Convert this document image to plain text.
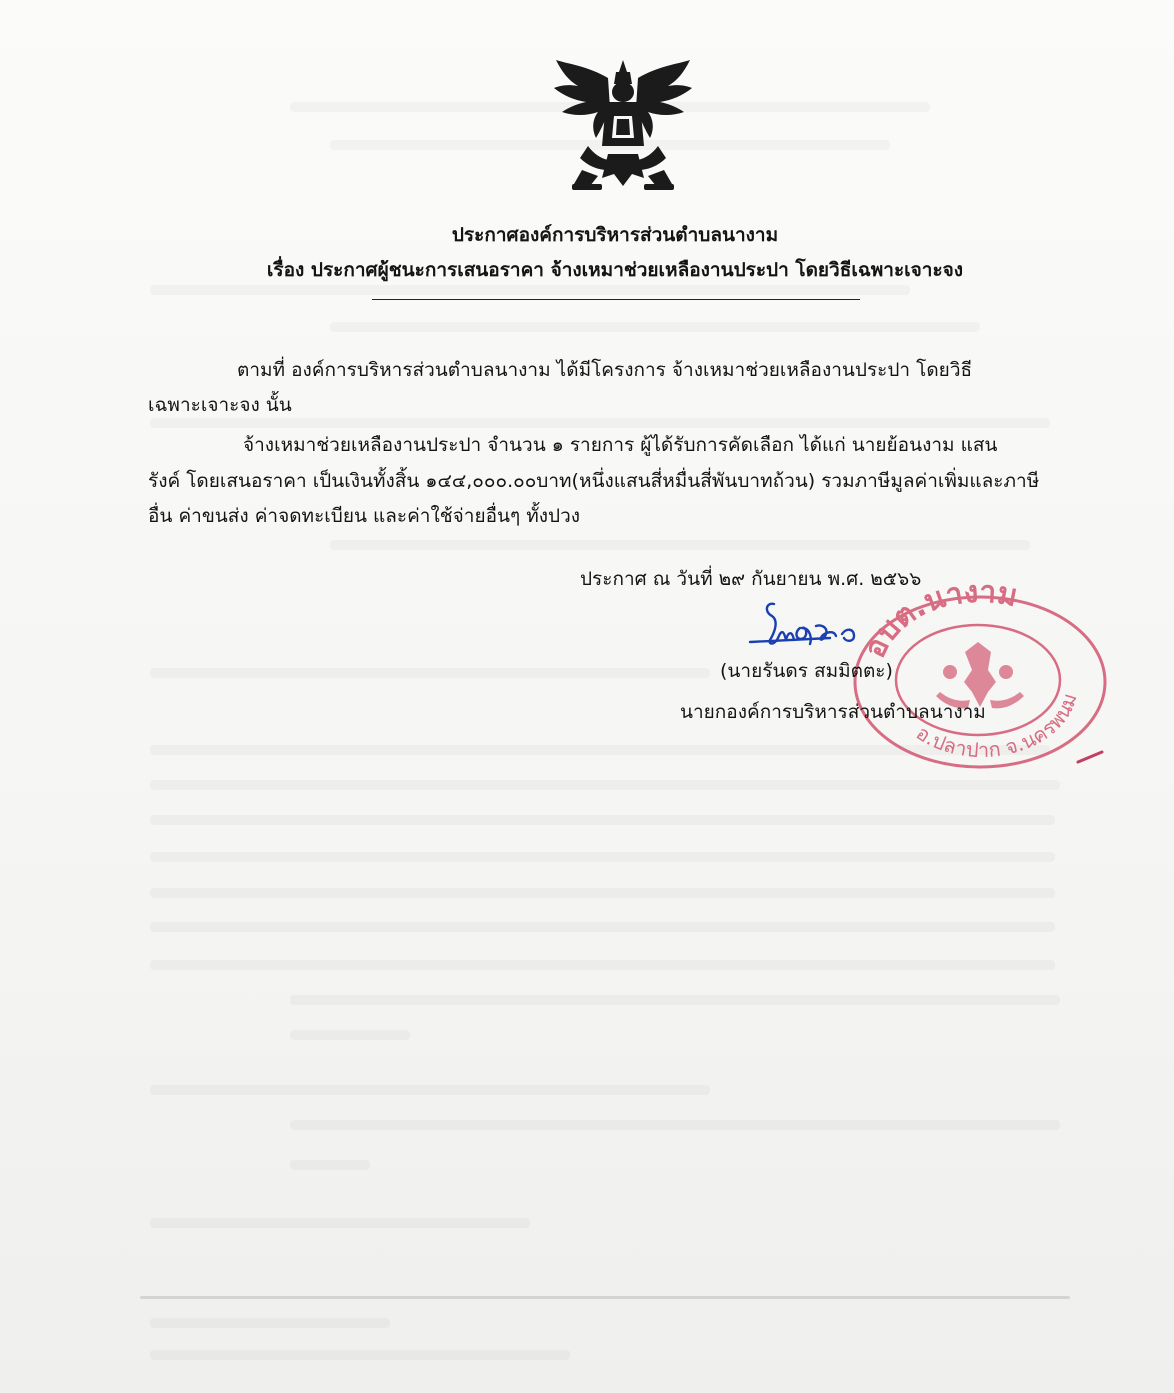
ประกาศองค์การบริหารส่วนตำบลนางาม
เรื่อง ประกาศผู้ชนะการเสนอราคา จ้างเหมาช่วยเหลืองานประปา โดยวิธีเฉพาะเจาะจง
ตามที่ องค์การบริหารส่วนตำบลนางาม ได้มีโครงการ จ้างเหมาช่วยเหลืองานประปา โดยวิธี
เฉพาะเจาะจง นั้น
จ้างเหมาช่วยเหลืองานประปา จำนวน ๑ รายการ ผู้ได้รับการคัดเลือก ได้แก่ นายย้อนงาม แสน
รังค์ โดยเสนอราคา เป็นเงินทั้งสิ้น ๑๔๔,๐๐๐.๐๐บาท(หนึ่งแสนสี่หมื่นสี่พันบาทถ้วน) รวมภาษีมูลค่าเพิ่มและภาษี
อื่น ค่าขนส่ง ค่าจดทะเบียน และค่าใช้จ่ายอื่นๆ ทั้งปวง
ประกาศ ณ วันที่ ๒๙ กันยายน พ.ศ. ๒๕๖๖
อบต.นางาม
อ.ปลาปาก จ.นครพนม
(นายรันดร สมมิตตะ)
นายกองค์การบริหารส่วนตำบลนางาม
